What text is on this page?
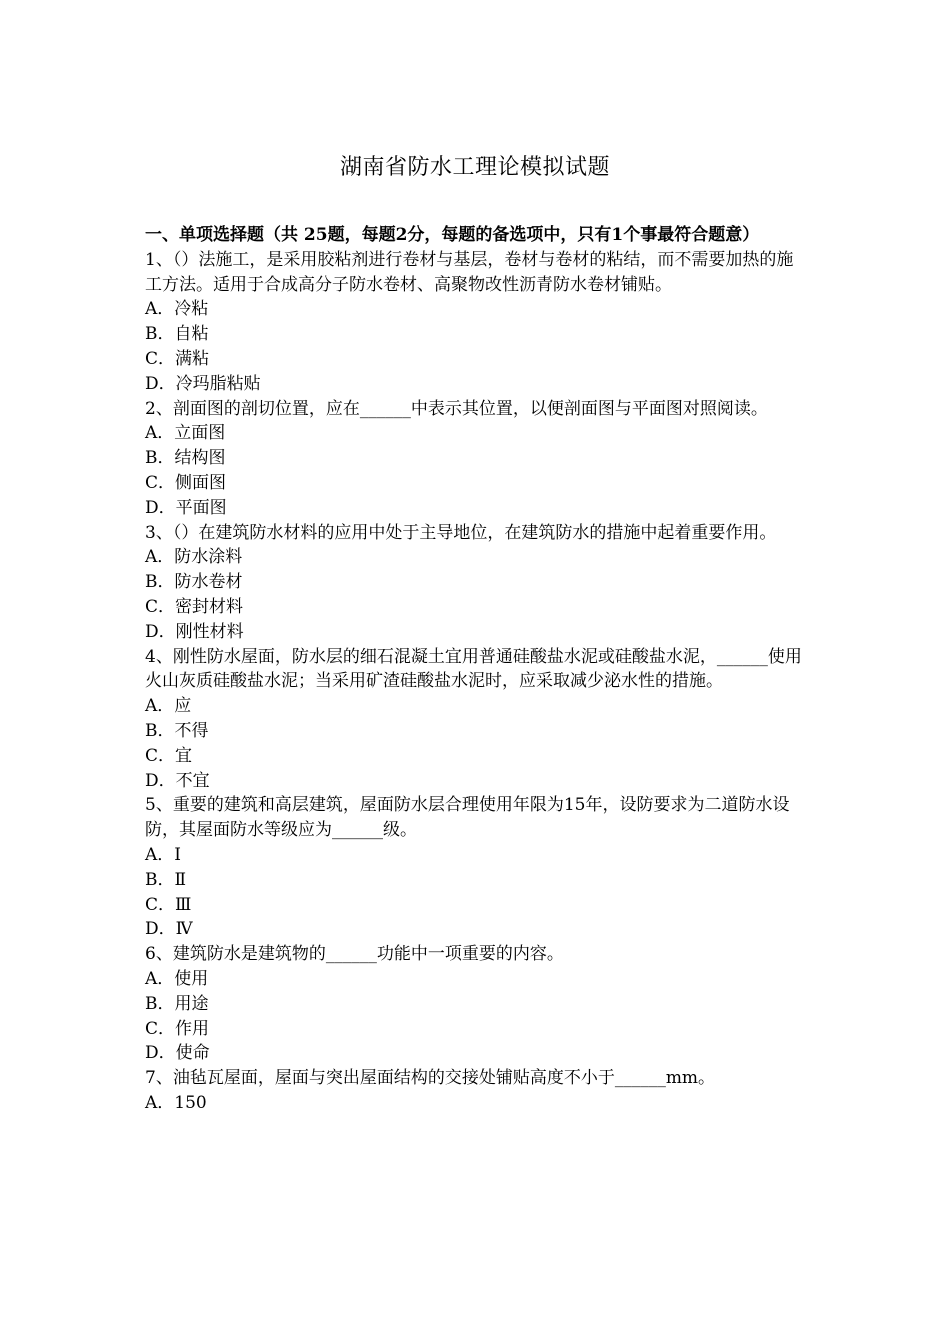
湖南省防水工理论模拟试题

一、单项选择题（共 25题，每题2分，每题的备选项中，只有1个事最符合题意）

1、（）法施工，是采用胶粘剂进行卷材与基层，卷材与卷材的粘结，而不需要加热的施工方法。适用于合成高分子防水卷材、高聚物改性沥青防水卷材铺贴。

A．冷粘

B．自粘

C．满粘

D．冷玛脂粘贴

2、剖面图的剖切位置，应在______中表示其位置，以便剖面图与平面图对照阅读。

A．立面图

B．结构图

C．侧面图

D．平面图

3、（）在建筑防水材料的应用中处于主导地位，在建筑防水的措施中起着重要作用。

A．防水涂料

B．防水卷材

C．密封材料

D．刚性材料

4、刚性防水屋面，防水层的细石混凝土宜用普通硅酸盐水泥或硅酸盐水泥，______使用火山灰质硅酸盐水泥；当采用矿渣硅酸盐水泥时，应采取减少泌水性的措施。

A．应

B．不得

C．宜

D．不宜

5、重要的建筑和高层建筑，屋面防水层合理使用年限为15年，设防要求为二道防水设防，其屋面防水等级应为______级。

A．Ⅰ

B．Ⅱ

C．Ⅲ

D．Ⅳ

6、建筑防水是建筑物的______功能中一项重要的内容。

A．使用

B．用途

C．作用

D．使命

7、油毡瓦屋面，屋面与突出屋面结构的交接处铺贴高度不小于______mm。

A．150
